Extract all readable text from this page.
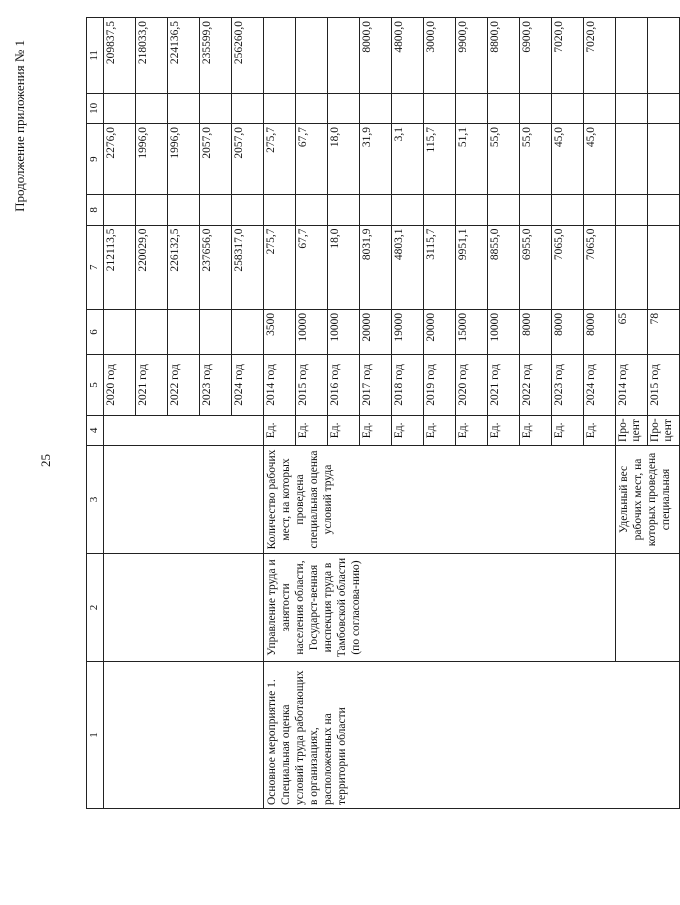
25
Продолжение приложения № 1
1	2	3	4	5	6	7	8	9	10	11
				2020 год		212113,5		2276,0		209837,5
				2021 год		220029,0		1996,0		218033,0
				2022 год		226132,5		1996,0		224136,5
				2023 год		237656,0		2057,0		235599,0
				2024 год		258317,0		2057,0		256260,0
Основное мероприятие 1. Специальная оценка условий труда работающих в организациях, расположенных на территории области	Управление труда и занятости населения области, Государст-венная инспекция труда в Тамбовской области (по согласова-нию)	Количество рабочих мест, на которых проведена специальная оценка условий труда	Ед.	2014 год	3500	275,7		275,7		
			Ед.	2015 год	10000	67,7		67,7		
			Ед.	2016 год	10000	18,0		18,0		
			Ед.	2017 год	20000	8031,9		31,9		8000,0
			Ед.	2018 год	19000	4803,1		3,1		4800,0
			Ед.	2019 год	20000	3115,7		115,7		3000,0
			Ед.	2020 год	15000	9951,1		51,1		9900,0
			Ед.	2021 год	10000	8855,0		55,0		8800,0
			Ед.	2022 год	8000	6955,0		55,0		6900,0
			Ед.	2023 год	8000	7065,0		45,0		7020,0
			Ед.	2024 год	8000	7065,0		45,0		7020,0
		Удельный вес рабочих мест, на которых проведена специальная	Про-цент	2014 год	65					
			Про-цент	2015 год	78					
